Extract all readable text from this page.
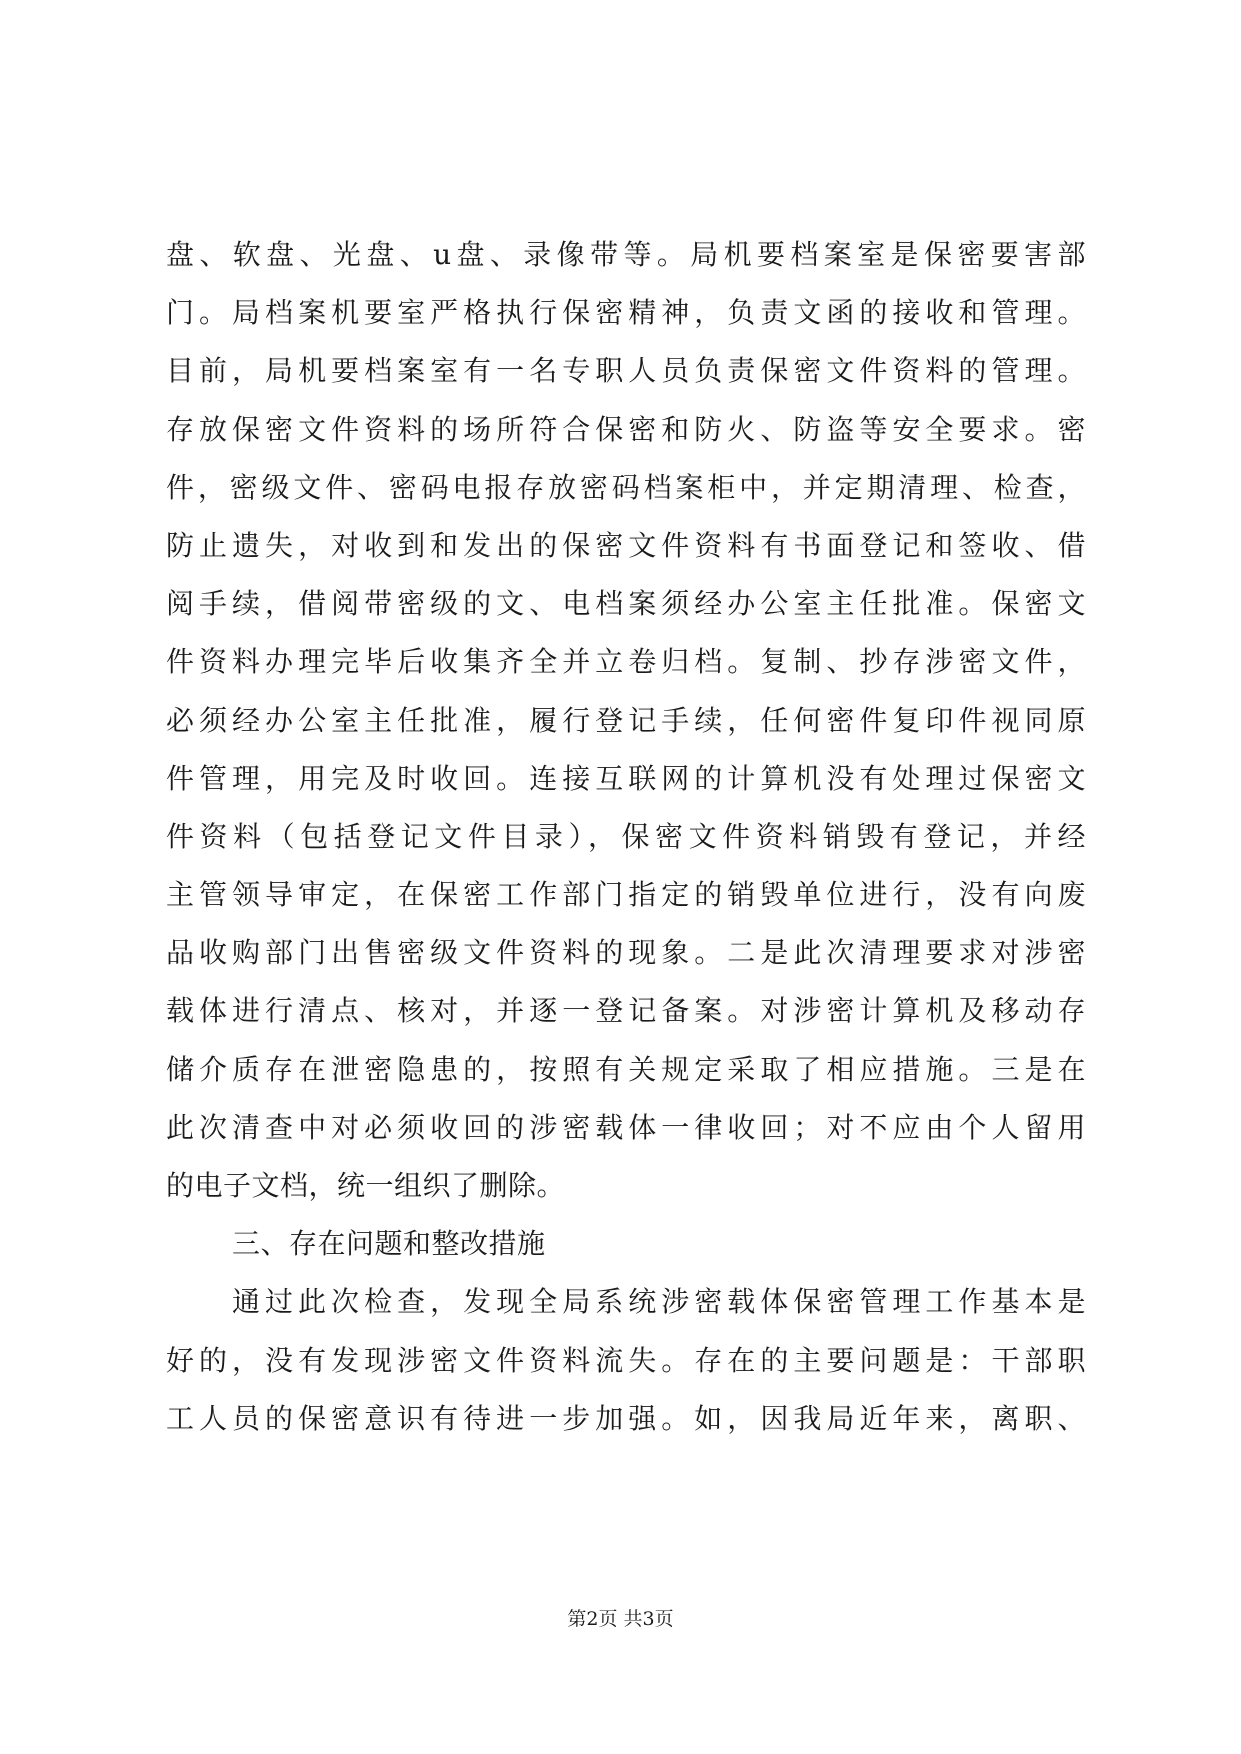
盘、软盘、光盘、u盘、录像带等。局机要档案室是保密要害部
门。局档案机要室严格执行保密精神，负责文函的接收和管理。
目前，局机要档案室有一名专职人员负责保密文件资料的管理。
存放保密文件资料的场所符合保密和防火、防盗等安全要求。密
件，密级文件、密码电报存放密码档案柜中，并定期清理、检查，
防止遗失，对收到和发出的保密文件资料有书面登记和签收、借
阅手续，借阅带密级的文、电档案须经办公室主任批准。保密文
件资料办理完毕后收集齐全并立卷归档。复制、抄存涉密文件，
必须经办公室主任批准，履行登记手续，任何密件复印件视同原
件管理，用完及时收回。连接互联网的计算机没有处理过保密文
件资料（包括登记文件目录），保密文件资料销毁有登记，并经
主管领导审定，在保密工作部门指定的销毁单位进行，没有向废
品收购部门出售密级文件资料的现象。二是此次清理要求对涉密
载体进行清点、核对，并逐一登记备案。对涉密计算机及移动存
储介质存在泄密隐患的，按照有关规定采取了相应措施。三是在
此次清查中对必须收回的涉密载体一律收回；对不应由个人留用
的电子文档，统一组织了删除。
三、存在问题和整改措施
通过此次检查，发现全局系统涉密载体保密管理工作基本是
好的，没有发现涉密文件资料流失。存在的主要问题是：干部职
工人员的保密意识有待进一步加强。如，因我局近年来，离职、
第2页 共3页
